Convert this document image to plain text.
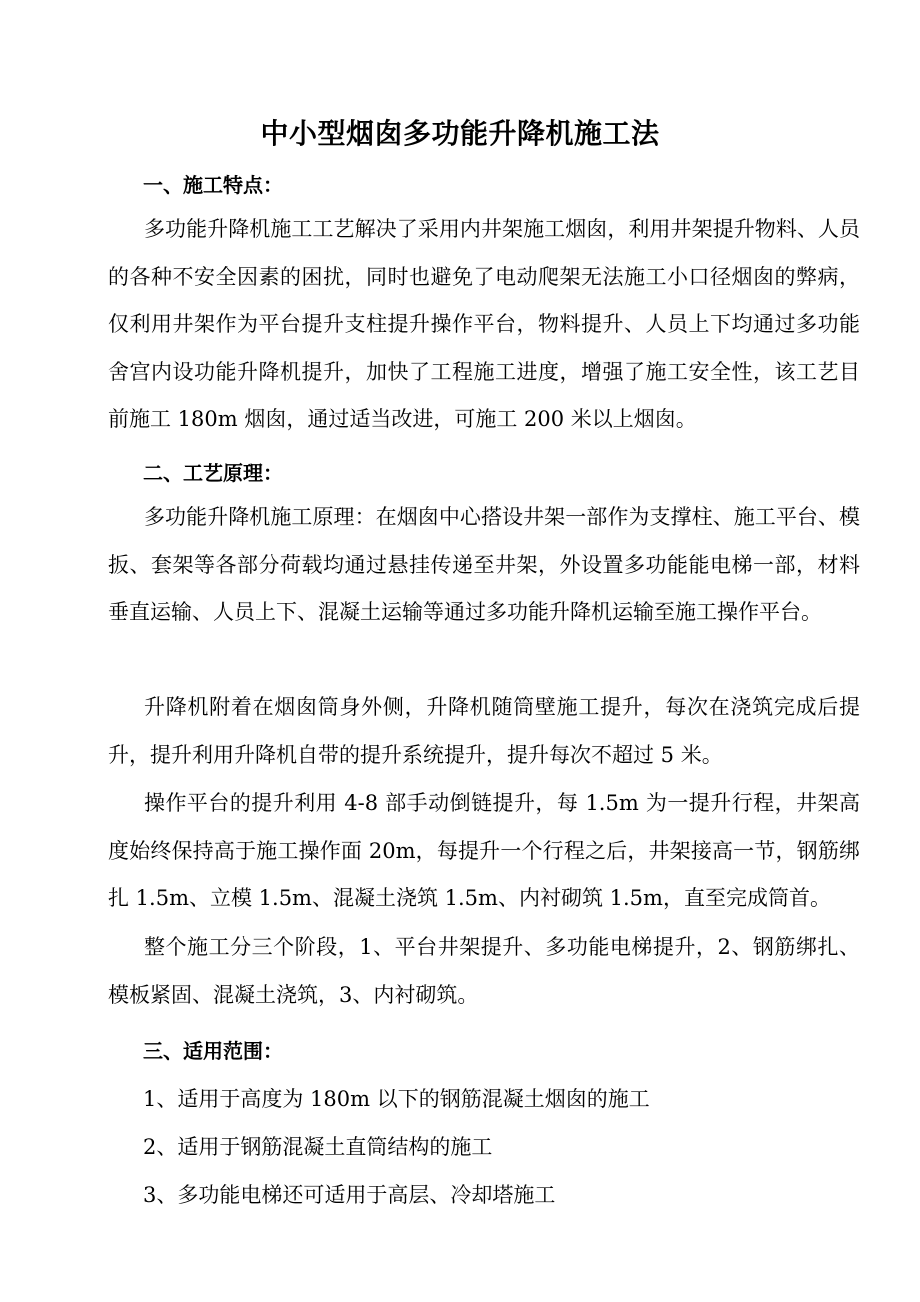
中小型烟囱多功能升降机施工法
一、施工特点：

多功能升降机施工工艺解决了采用内井架施工烟囱，利用井架提升物料、人员的各种不安全因素的困扰，同时也避免了电动爬架无法施工小口径烟囱的弊病，仅利用井架作为平台提升支柱提升操作平台，物料提升、人员上下均通过多功能舍宫内设功能升降机提升，加快了工程施工进度，增强了施工安全性，该工艺目前施工 180m 烟囱，通过适当改进，可施工 200 米以上烟囱。

二、工艺原理：

多功能升降机施工原理：在烟囱中心搭设井架一部作为支撑柱、施工平台、模扳、套架等各部分荷载均通过悬挂传递至井架，外设置多功能能电梯一部，材料垂直运输、人员上下、混凝土运输等通过多功能升降机运输至施工操作平台。

升降机附着在烟囱筒身外侧，升降机随筒壁施工提升，每次在浇筑完成后提升，提升利用升降机自带的提升系统提升，提升每次不超过 5 米。

操作平台的提升利用 4-8 部手动倒链提升，每 1.5m 为一提升行程，井架高度始终保持高于施工操作面 20m，每提升一个行程之后，井架接高一节，钢筋绑扎 1.5m、立模 1.5m、混凝土浇筑 1.5m、内衬砌筑 1.5m，直至完成筒首。

整个施工分三个阶段，1、平台井架提升、多功能电梯提升，2、钢筋绑扎、模板紧固、混凝土浇筑，3、内衬砌筑。

三、适用范围：
1、适用于高度为 180m 以下的钢筋混凝土烟囱的施工
2、适用于钢筋混凝土直筒结构的施工
3、多功能电梯还可适用于高层、冷却塔施工
